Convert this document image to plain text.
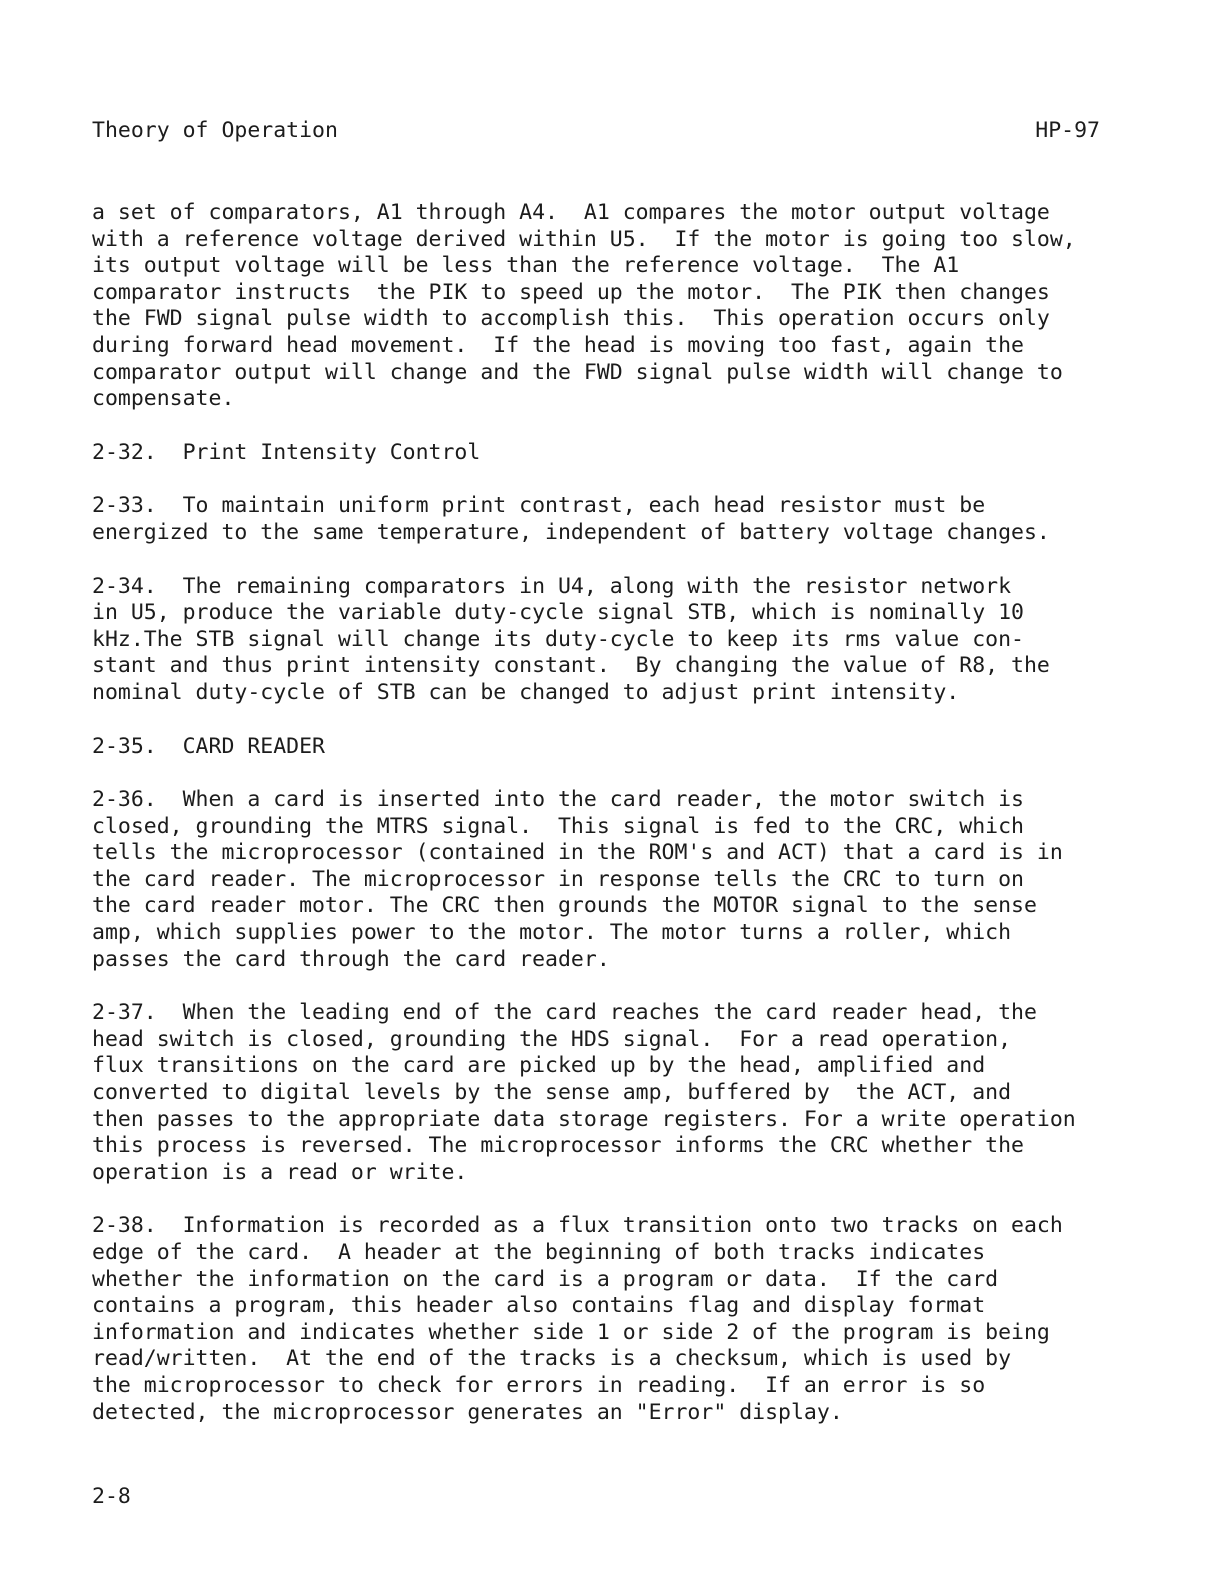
Theory of Operation	HP-97
a set of comparators, A1 through A4.  A1 compares the motor output voltage
with a reference voltage derived within U5.  If the motor is going too slow,
its output voltage will be less than the reference voltage.  The A1
comparator instructs  the PIK to speed up the motor.  The PIK then changes
the FWD signal pulse width to accomplish this.  This operation occurs only
during forward head movement.  If the head is moving too fast, again the
comparator output will change and the FWD signal pulse width will change to
compensate.
2-32.  Print Intensity Control
2-33.  To maintain uniform print contrast, each head resistor must be
energized to the same temperature, independent of battery voltage changes.
2-34.  The remaining comparators in U4, along with the resistor network
in U5, produce the variable duty-cycle signal STB, which is nominally 10
kHz.The STB signal will change its duty-cycle to keep its rms value con-
stant and thus print intensity constant.  By changing the value of R8, the
nominal duty-cycle of STB can be changed to adjust print intensity.
2-35.  CARD READER
2-36.  When a card is inserted into the card reader, the motor switch is
closed, grounding the MTRS signal.  This signal is fed to the CRC, which
tells the microprocessor (contained in the ROM's and ACT) that a card is in
the card reader. The microprocessor in response tells the CRC to turn on
the card reader motor. The CRC then grounds the MOTOR signal to the sense
amp, which supplies power to the motor. The motor turns a roller, which
passes the card through the card reader.
2-37.  When the leading end of the card reaches the card reader head, the
head switch is closed, grounding the HDS signal.  For a read operation,
flux transitions on the card are picked up by the head, amplified and
converted to digital levels by the sense amp, buffered by  the ACT, and
then passes to the appropriate data storage registers. For a write operation
this process is reversed. The microprocessor informs the CRC whether the
operation is a read or write.
2-38.  Information is recorded as a flux transition onto two tracks on each
edge of the card.  A header at the beginning of both tracks indicates
whether the information on the card is a program or data.  If the card
contains a program, this header also contains flag and display format
information and indicates whether side 1 or side 2 of the program is being
read/written.  At the end of the tracks is a checksum, which is used by
the microprocessor to check for errors in reading.  If an error is so
detected, the microprocessor generates an "Error" display.
2-8
